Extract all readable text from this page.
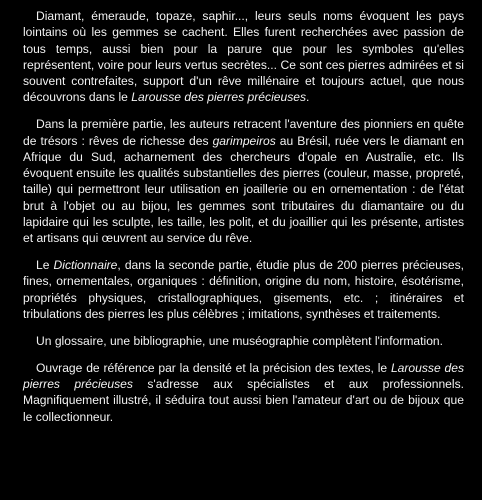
Diamant, émeraude, topaze, saphir..., leurs seuls noms évoquent les pays lointains où les gemmes se cachent. Elles furent recherchées avec passion de tous temps, aussi bien pour la parure que pour les symboles qu'elles représentent, voire pour leurs vertus secrètes... Ce sont ces pierres admirées et si souvent contrefaites, support d'un rêve millénaire et toujours actuel, que nous découvrons dans le Larousse des pierres précieuses.

Dans la première partie, les auteurs retracent l'aventure des pionniers en quête de trésors : rêves de richesse des garimpeiros au Brésil, ruée vers le diamant en Afrique du Sud, acharnement des chercheurs d'opale en Australie, etc. Ils évoquent ensuite les qualités substantielles des pierres (couleur, masse, propreté, taille) qui permettront leur utilisation en joaillerie ou en ornementation : de l'état brut à l'objet ou au bijou, les gemmes sont tributaires du diamantaire ou du lapidaire qui les sculpte, les taille, les polit, et du joaillier qui les présente, artistes et artisans qui œuvrent au service du rêve.

Le Dictionnaire, dans la seconde partie, étudie plus de 200 pierres précieuses, fines, ornementales, organiques : définition, origine du nom, histoire, ésotérisme, propriétés physiques, cristallographiques, gisements, etc. ; itinéraires et tribulations des pierres les plus célèbres ; imitations, synthèses et traitements.

Un glossaire, une bibliographie, une muséographie complètent l'information.

Ouvrage de référence par la densité et la précision des textes, le Larousse des pierres précieuses s'adresse aux spécialistes et aux professionnels. Magnifiquement illustré, il séduira tout aussi bien l'amateur d'art ou de bijoux que le collectionneur.
